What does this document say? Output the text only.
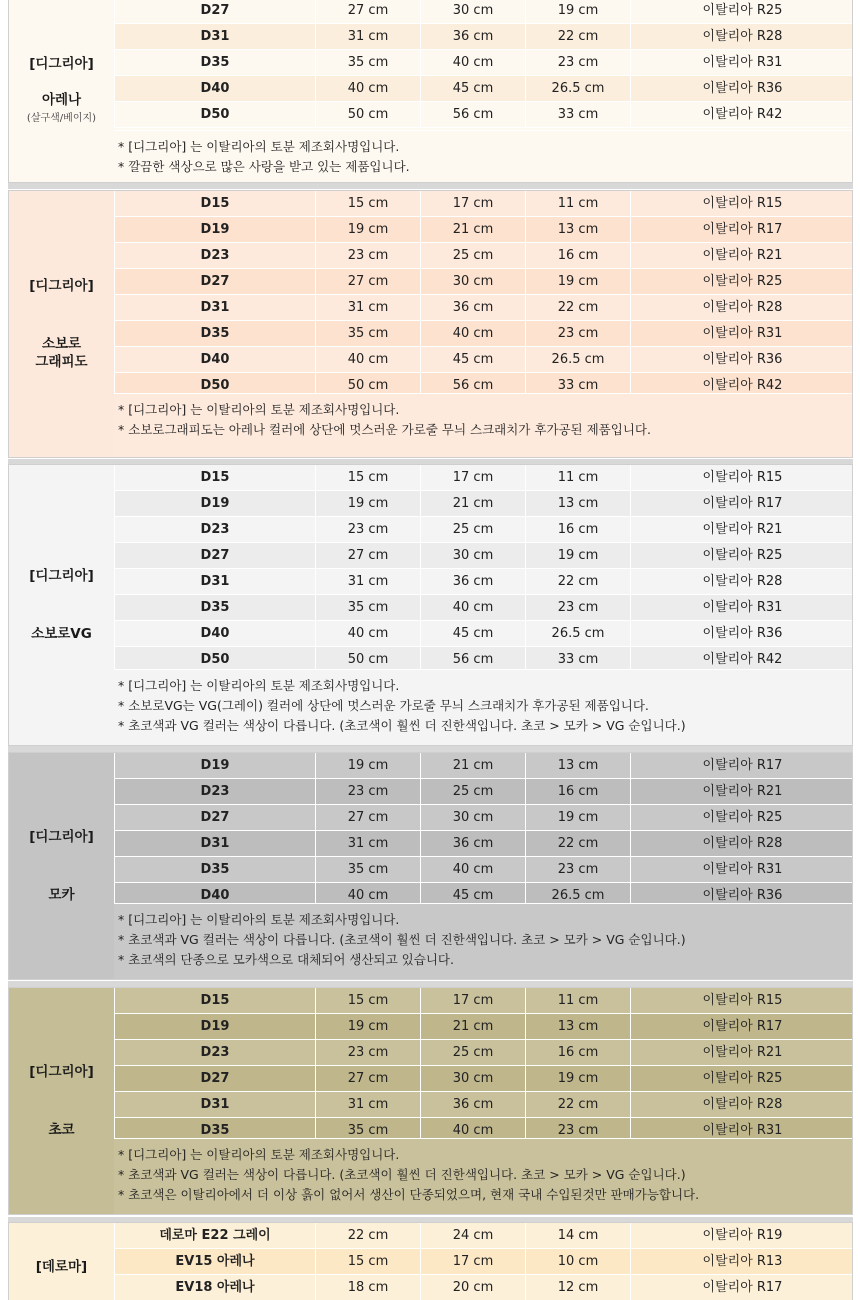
[디그리아]
아레나
(살구색/베이지)
D27	27 cm	30 cm	19 cm	이탈리아 R25
D31	31 cm	36 cm	22 cm	이탈리아 R28
D35	35 cm	40 cm	23 cm	이탈리아 R31
D40	40 cm	45 cm	26.5 cm	이탈리아 R36
D50	50 cm	56 cm	33 cm	이탈리아 R42
* [디그리아] 는 이탈리아의 토분 제조회사명입니다.
* 깔끔한 색상으로 많은 사랑을 받고 있는 제품입니다.
[디그리아]
소보로
그래피도
D15	15 cm	17 cm	11 cm	이탈리아 R15
D19	19 cm	21 cm	13 cm	이탈리아 R17
D23	23 cm	25 cm	16 cm	이탈리아 R21
D27	27 cm	30 cm	19 cm	이탈리아 R25
D31	31 cm	36 cm	22 cm	이탈리아 R28
D35	35 cm	40 cm	23 cm	이탈리아 R31
D40	40 cm	45 cm	26.5 cm	이탈리아 R36
D50	50 cm	56 cm	33 cm	이탈리아 R42
* [디그리아] 는 이탈리아의 토분 제조회사명입니다.
* 소보로그래피도는 아레나 컬러에 상단에 멋스러운 가로줄 무늬 스크래치가 후가공된 제품입니다.
[디그리아]
소보로VG
D15	15 cm	17 cm	11 cm	이탈리아 R15
D19	19 cm	21 cm	13 cm	이탈리아 R17
D23	23 cm	25 cm	16 cm	이탈리아 R21
D27	27 cm	30 cm	19 cm	이탈리아 R25
D31	31 cm	36 cm	22 cm	이탈리아 R28
D35	35 cm	40 cm	23 cm	이탈리아 R31
D40	40 cm	45 cm	26.5 cm	이탈리아 R36
D50	50 cm	56 cm	33 cm	이탈리아 R42
* [디그리아] 는 이탈리아의 토분 제조회사명입니다.
* 소보로VG는 VG(그레이) 컬러에 상단에 멋스러운 가로줄 무늬 스크래치가 후가공된 제품입니다.
* 초코색과 VG 컬러는 색상이 다릅니다. (초코색이 훨씬 더 진한색입니다. 초코 > 모카 > VG 순입니다.)
[디그리아]
모카
D19	19 cm	21 cm	13 cm	이탈리아 R17
D23	23 cm	25 cm	16 cm	이탈리아 R21
D27	27 cm	30 cm	19 cm	이탈리아 R25
D31	31 cm	36 cm	22 cm	이탈리아 R28
D35	35 cm	40 cm	23 cm	이탈리아 R31
D40	40 cm	45 cm	26.5 cm	이탈리아 R36
* [디그리아] 는 이탈리아의 토분 제조회사명입니다.
* 초코색과 VG 컬러는 색상이 다릅니다. (초코색이 훨씬 더 진한색입니다. 초코 > 모카 > VG 순입니다.)
* 초코색의 단종으로 모카색으로 대체되어 생산되고 있습니다.
[디그리아]
초코
D15	15 cm	17 cm	11 cm	이탈리아 R15
D19	19 cm	21 cm	13 cm	이탈리아 R17
D23	23 cm	25 cm	16 cm	이탈리아 R21
D27	27 cm	30 cm	19 cm	이탈리아 R25
D31	31 cm	36 cm	22 cm	이탈리아 R28
D35	35 cm	40 cm	23 cm	이탈리아 R31
* [디그리아] 는 이탈리아의 토분 제조회사명입니다.
* 초코색과 VG 컬러는 색상이 다릅니다. (초코색이 훨씬 더 진한색입니다. 초코 > 모카 > VG 순입니다.)
* 초코색은 이탈리아에서 더 이상 흙이 없어서 생산이 단종되었으며, 현재 국내 수입된것만 판매가능합니다.
[데로마]
데로마 E22 그레이	22 cm	24 cm	14 cm	이탈리아 R19
EV15 아레나	15 cm	17 cm	10 cm	이탈리아 R13
EV18 아레나	18 cm	20 cm	12 cm	이탈리아 R17
